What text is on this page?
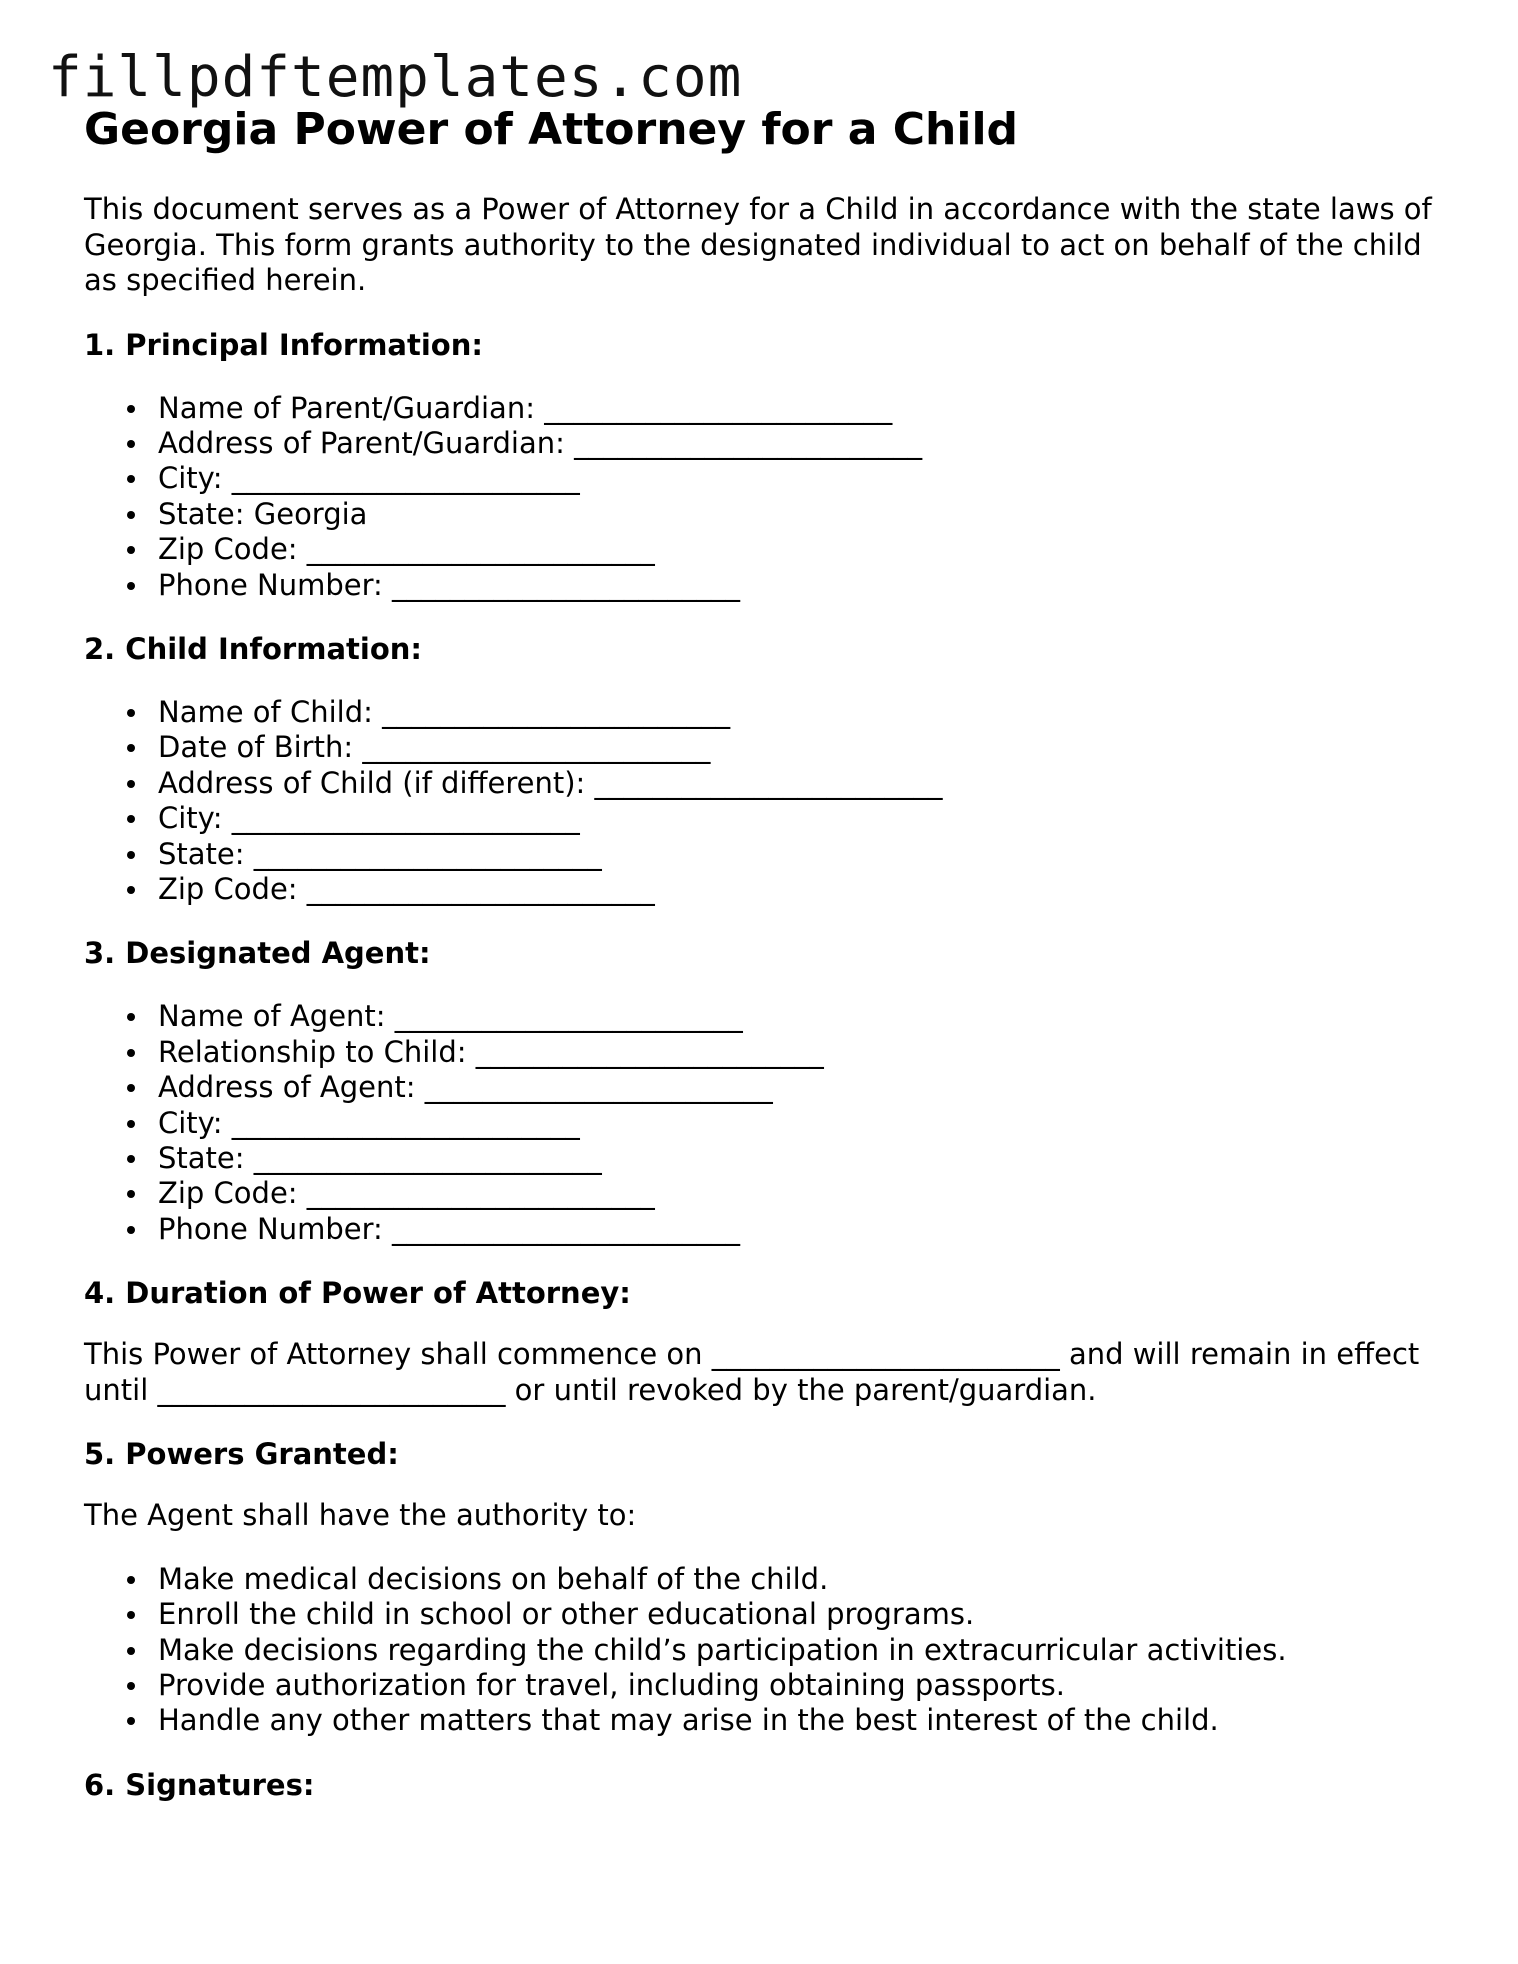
fillpdftemplates.com
Georgia Power of Attorney for a Child

This document serves as a Power of Attorney for a Child in accordance with the state laws of Georgia. This form grants authority to the designated individual to act on behalf of the child as specified herein.

1. Principal Information:
Name of Parent/Guardian: ________________________
Address of Parent/Guardian: ________________________
City: ________________________
State: Georgia
Zip Code: ________________________
Phone Number: ________________________
2. Child Information:
Name of Child: ________________________
Date of Birth: ________________________
Address of Child (if different): ________________________
City: ________________________
State: ________________________
Zip Code: ________________________
3. Designated Agent:
Name of Agent: ________________________
Relationship to Child: ________________________
Address of Agent: ________________________
City: ________________________
State: ________________________
Zip Code: ________________________
Phone Number: ________________________
4. Duration of Power of Attorney:

This Power of Attorney shall commence on ________________________ and will remain in effect until ________________________ or until revoked by the parent/guardian.

5. Powers Granted:

The Agent shall have the authority to:

Make medical decisions on behalf of the child.
Enroll the child in school or other educational programs.
Make decisions regarding the child’s participation in extracurricular activities.
Provide authorization for travel, including obtaining passports.
Handle any other matters that may arise in the best interest of the child.
6. Signatures:
